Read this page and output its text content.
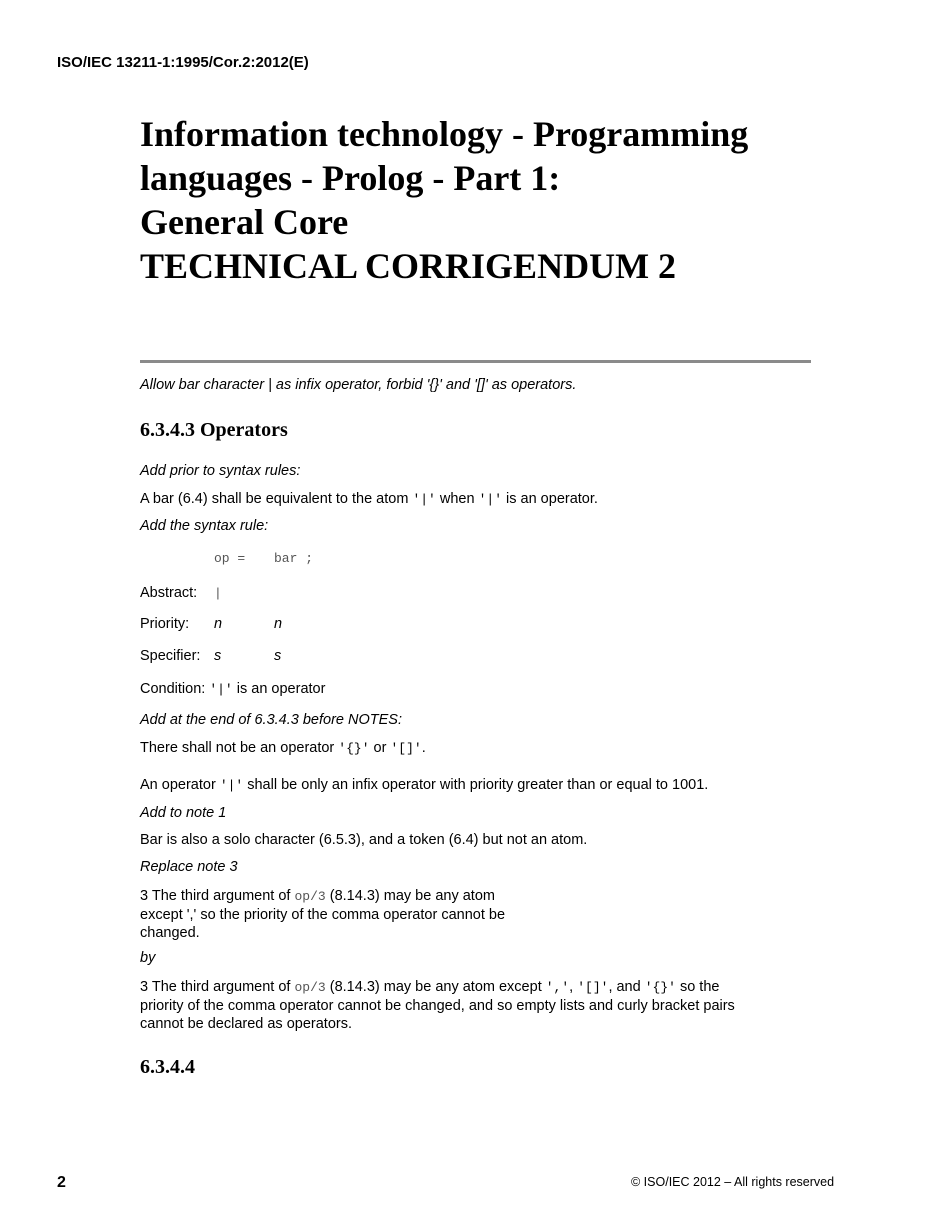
ISO/IEC 13211-1:1995/Cor.2:2012(E)
Information technology - Programming
languages - Prolog - Part 1:
General Core
TECHNICAL CORRIGENDUM 2
Allow bar character | as infix operator, forbid '{}' and '[]' as operators.
6.3.4.3 Operators
Add prior to syntax rules:
A bar (6.4) shall be equivalent to the atom '|' when '|' is an operator.
Add the syntax rule:
op = bar ;
Abstract: |
Priority: n	n
Specifier: s	s
Condition: '|' is an operator
Add at the end of 6.3.4.3 before NOTES:
There shall not be an operator '{}' or '[]'.
An operator '|' shall be only an infix operator with priority greater than or equal to 1001.
Add to note 1
Bar is also a solo character (6.5.3), and a token (6.4) but not an atom.
Replace note 3
3 The third argument of op/3 (8.14.3) may be any atom
except ',' so the priority of the comma operator cannot be
changed.
by
3 The third argument of op/3 (8.14.3) may be any atom except ',', '[]', and '{}' so the
priority of the comma operator cannot be changed, and so empty lists and curly bracket pairs
cannot be declared as operators.
6.3.4.4
2	© ISO/IEC 2012 – All rights reserved
